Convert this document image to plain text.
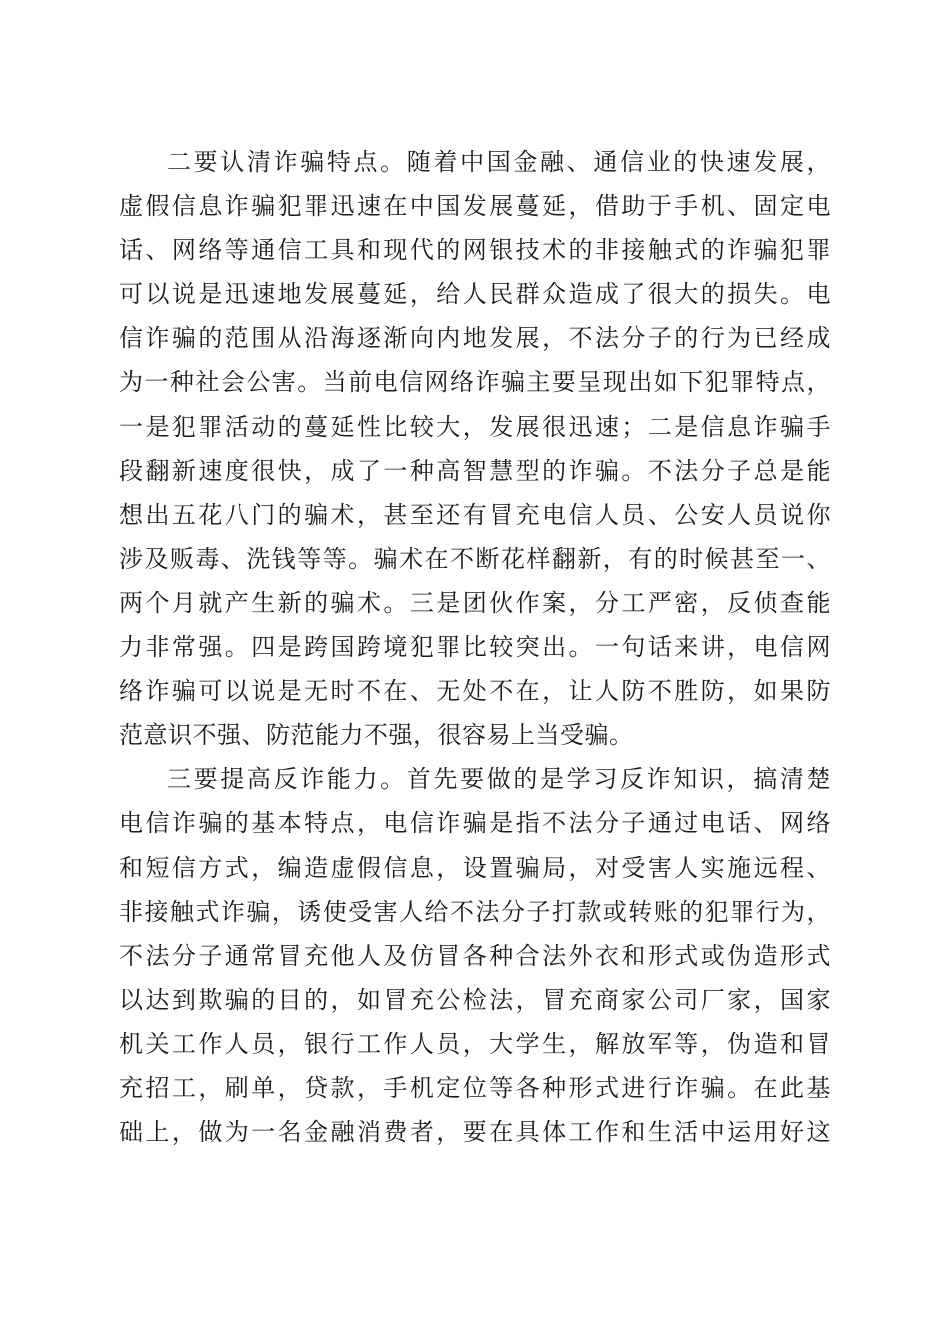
二要认清诈骗特点。随着中国金融、通信业的快速发展，
虚假信息诈骗犯罪迅速在中国发展蔓延，借助于手机、固定电
话、网络等通信工具和现代的网银技术的非接触式的诈骗犯罪
可以说是迅速地发展蔓延，给人民群众造成了很大的损失。电
信诈骗的范围从沿海逐渐向内地发展，不法分子的行为已经成
为一种社会公害。当前电信网络诈骗主要呈现出如下犯罪特点，
一是犯罪活动的蔓延性比较大，发展很迅速；二是信息诈骗手
段翻新速度很快，成了一种高智慧型的诈骗。不法分子总是能
想出五花八门的骗术，甚至还有冒充电信人员、公安人员说你
涉及贩毒、洗钱等等。骗术在不断花样翻新，有的时候甚至一、
两个月就产生新的骗术。三是团伙作案，分工严密，反侦查能
力非常强。四是跨国跨境犯罪比较突出。一句话来讲，电信网
络诈骗可以说是无时不在、无处不在，让人防不胜防，如果防
范意识不强、防范能力不强，很容易上当受骗。
三要提高反诈能力。首先要做的是学习反诈知识，搞清楚
电信诈骗的基本特点，电信诈骗是指不法分子通过电话、网络
和短信方式，编造虚假信息，设置骗局，对受害人实施远程、
非接触式诈骗，诱使受害人给不法分子打款或转账的犯罪行为，
不法分子通常冒充他人及仿冒各种合法外衣和形式或伪造形式
以达到欺骗的目的，如冒充公检法，冒充商家公司厂家，国家
机关工作人员，银行工作人员，大学生，解放军等，伪造和冒
充招工，刷单，贷款，手机定位等各种形式进行诈骗。在此基
础上，做为一名金融消费者，要在具体工作和生活中运用好这
